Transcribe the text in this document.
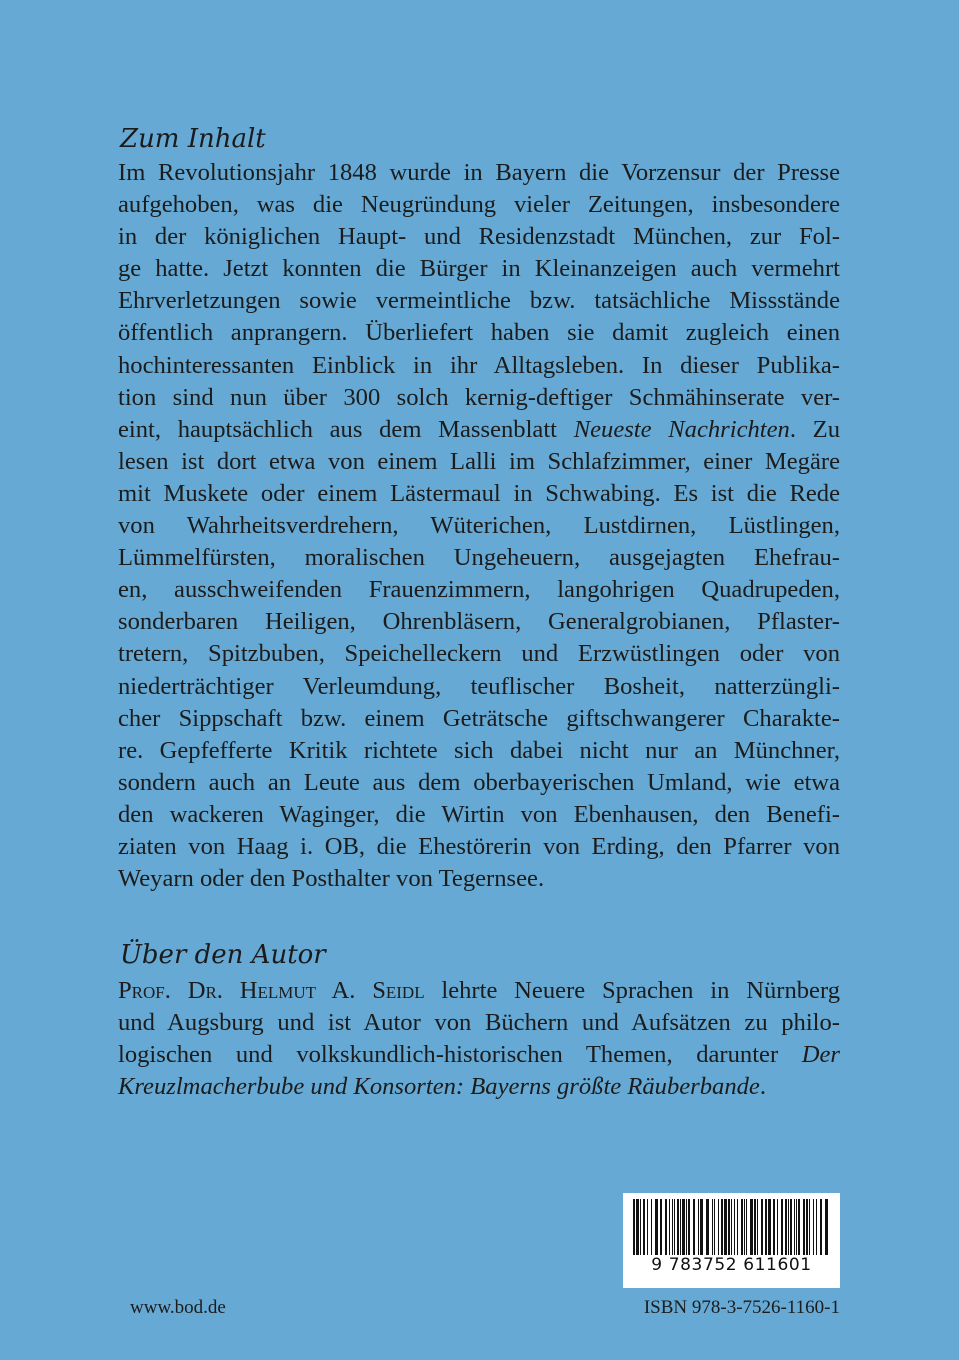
Zum Inhalt
Im Revolutionsjahr 1848 wurde in Bayern die Vorzensur der Presse
aufgehoben, was die Neugründung vieler Zeitungen, insbesondere
in der königlichen Haupt- und Residenzstadt München, zur Fol-
ge hatte. Jetzt konnten die Bürger in Kleinanzeigen auch vermehrt
Ehrverletzungen sowie vermeintliche bzw. tatsächliche Missstände
öffentlich anprangern. Überliefert haben sie damit zugleich einen
hochinteressanten Einblick in ihr Alltagsleben. In dieser Publika-
tion sind nun über 300 solch kernig-deftiger Schmähinserate ver-
eint, hauptsächlich aus dem Massenblatt Neueste Nachrichten. Zu
lesen ist dort etwa von einem Lalli im Schlafzimmer, einer Megäre
mit Muskete oder einem Lästermaul in Schwabing. Es ist die Rede
von Wahrheitsverdrehern, Wüterichen, Lustdirnen, Lüstlingen,
Lümmelfürsten, moralischen Ungeheuern, ausgejagten Ehefrau-
en, ausschweifenden Frauenzimmern, langohrigen Quadrupeden,
sonderbaren Heiligen, Ohrenbläsern, Generalgrobianen, Pflaster-
tretern, Spitzbuben, Speichelleckern und Erzwüstlingen oder von
niederträchtiger Verleumdung, teuflischer Bosheit, natterzüngli-
cher Sippschaft bzw. einem Geträtsche giftschwangerer Charakte-
re. Gepfefferte Kritik richtete sich dabei nicht nur an Münchner,
sondern auch an Leute aus dem oberbayerischen Umland, wie etwa
den wackeren Waginger, die Wirtin von Ebenhausen, den Benefi-
ziaten von Haag i. OB, die Ehestörerin von Erding, den Pfarrer von
Weyarn oder den Posthalter von Tegernsee.
Über den Autor
Prof. Dr. Helmut A. Seidl lehrte Neuere Sprachen in Nürnberg
und Augsburg und ist Autor von Büchern und Aufsätzen zu philo-
logischen und volkskundlich-historischen Themen, darunter Der
Kreuzlmacherbube und Konsorten: Bayerns größte Räuberbande.
9 783752 611601
www.bod.de	ISBN 978-3-7526-1160-1
